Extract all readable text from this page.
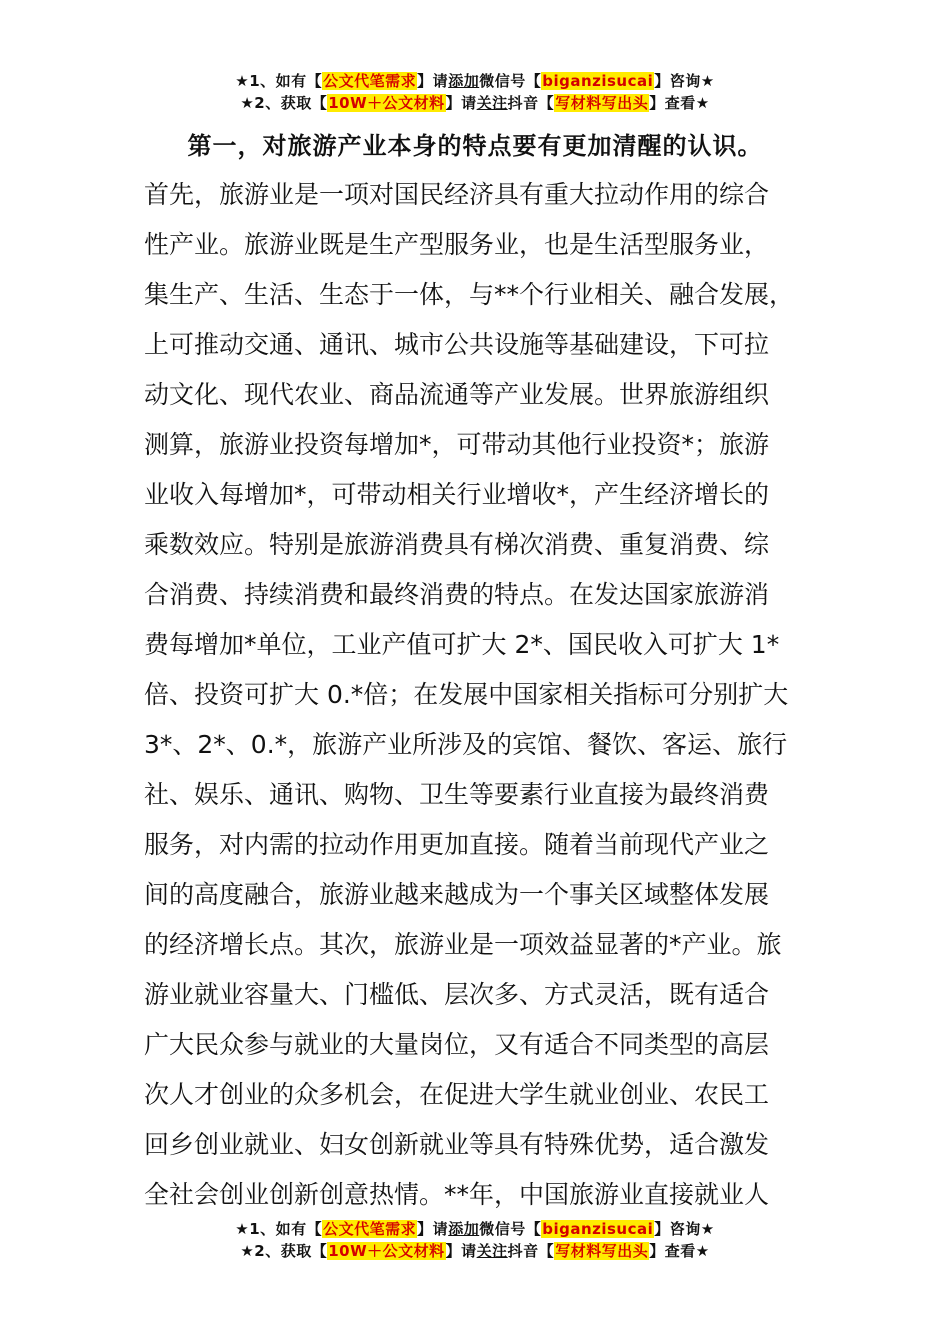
★1、如有【公文代笔需求】请添加微信号【biganzisucai】咨询★
★2、获取【10W＋公文材料】请关注抖音【写材料写出头】查看★
第一，对旅游产业本身的特点要有更加清醒的认识。
首先，旅游业是一项对国民经济具有重大拉动作用的综合
性产业。旅游业既是生产型服务业，也是生活型服务业，
集生产、生活、生态于一体，与**个行业相关、融合发展，
上可推动交通、通讯、城市公共设施等基础建设，下可拉
动文化、现代农业、商品流通等产业发展。世界旅游组织
测算，旅游业投资每增加*，可带动其他行业投资*；旅游
业收入每增加*，可带动相关行业增收*，产生经济增长的
乘数效应。特别是旅游消费具有梯次消费、重复消费、综
合消费、持续消费和最终消费的特点。在发达国家旅游消
费每增加*单位，工业产值可扩大 2*、国民收入可扩大 1*
倍、投资可扩大 0.*倍；在发展中国家相关指标可分别扩大
3*、2*、0.*，旅游产业所涉及的宾馆、餐饮、客运、旅行
社、娱乐、通讯、购物、卫生等要素行业直接为最终消费
服务，对内需的拉动作用更加直接。随着当前现代产业之
间的高度融合，旅游业越来越成为一个事关区域整体发展
的经济增长点。其次，旅游业是一项效益显著的*产业。旅
游业就业容量大、门槛低、层次多、方式灵活，既有适合
广大民众参与就业的大量岗位，又有适合不同类型的高层
次人才创业的众多机会，在促进大学生就业创业、农民工
回乡创业就业、妇女创新就业等具有特殊优势，适合激发
全社会创业创新创意热情。**年，中国旅游业直接就业人
★1、如有【公文代笔需求】请添加微信号【biganzisucai】咨询★
★2、获取【10W＋公文材料】请关注抖音【写材料写出头】查看★
